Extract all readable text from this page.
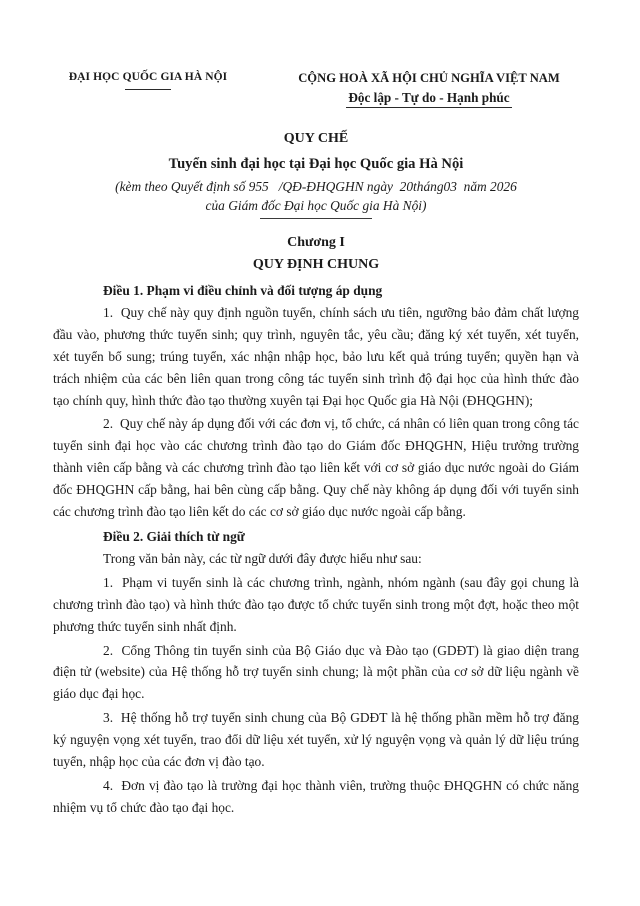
ĐẠI HỌC QUỐC GIA HÀ NỘI	CỘNG HOÀ XÃ HỘI CHỦ NGHĨA VIỆT NAM
Độc lập - Tự do - Hạnh phúc
QUY CHẾ
Tuyển sinh đại học tại Đại học Quốc gia Hà Nội
(kèm theo Quyết định số 955   /QĐ-ĐHQGHN ngày  20tháng03  năm 2026
của Giám đốc Đại học Quốc gia Hà Nội)
Chương I
QUY ĐỊNH CHUNG

Điều 1. Phạm vi điều chỉnh và đối tượng áp dụng

1.  Quy chế này quy định nguồn tuyển, chính sách ưu tiên, ngưỡng bảo đảm chất lượng đầu vào, phương thức tuyển sinh; quy trình, nguyên tắc, yêu cầu; đăng ký xét tuyển, xét tuyển, xét tuyển bổ sung; trúng tuyển, xác nhận nhập học, bảo lưu kết quả trúng tuyển; quyền hạn và trách nhiệm của các bên liên quan trong công tác tuyển sinh trình độ đại học của hình thức đào tạo chính quy, hình thức đào tạo thường xuyên tại Đại học Quốc gia Hà Nội (ĐHQGHN);

2.  Quy chế này áp dụng đối với các đơn vị, tổ chức, cá nhân có liên quan trong công tác tuyển sinh đại học vào các chương trình đào tạo do Giám đốc ĐHQGHN, Hiệu trưởng trường thành viên cấp bằng và các chương trình đào tạo liên kết với cơ sở giáo dục nước ngoài do Giám đốc ĐHQGHN cấp bằng, hai bên cùng cấp bằng. Quy chế này không áp dụng đối với tuyển sinh các chương trình đào tạo liên kết do các cơ sở giáo dục nước ngoài cấp bằng.

Điều 2. Giải thích từ ngữ

Trong văn bản này, các từ ngữ dưới đây được hiểu như sau:

1.  Phạm vi tuyển sinh là các chương trình, ngành, nhóm ngành (sau đây gọi chung là chương trình đào tạo) và hình thức đào tạo được tổ chức tuyển sinh trong một đợt, hoặc theo một phương thức tuyển sinh nhất định.

2.  Cổng Thông tin tuyển sinh của Bộ Giáo dục và Đào tạo (GDĐT) là giao diện trang điện tử (website) của Hệ thống hỗ trợ tuyển sinh chung; là một phần của cơ sở dữ liệu ngành về giáo dục đại học.

3.  Hệ thống hỗ trợ tuyển sinh chung của Bộ GDĐT là hệ thống phần mềm hỗ trợ đăng ký nguyện vọng xét tuyển, trao đổi dữ liệu xét tuyển, xử lý nguyện vọng và quản lý dữ liệu trúng tuyển, nhập học của các đơn vị đào tạo.

4.  Đơn vị đào tạo là trường đại học thành viên, trường thuộc ĐHQGHN có chức năng nhiệm vụ tổ chức đào tạo đại học.
